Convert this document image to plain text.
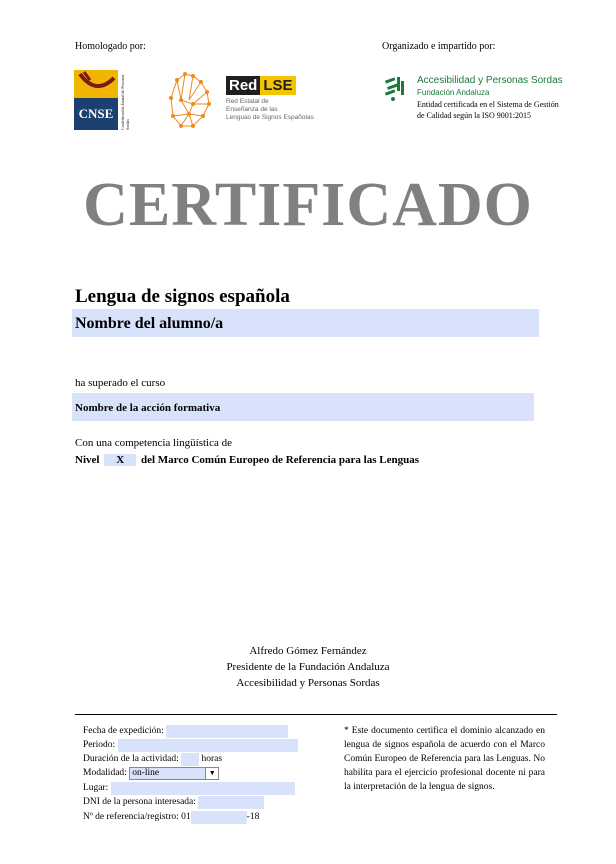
Homologado por:	Organizado e impartido por:
CNSE	Confederación Estatal de Personas Sordas
Red LSE
Red Estatal de
Enseñanza de las
Lenguas de Signos Españolas
Accesibilidad y Personas Sordas
Fundación Andaluza
Entidad certificada en el Sistema de Gestión
de Calidad según la ISO 9001:2015
CERTIFICADO
Lengua de signos española
Nombre del alumno/a
ha superado el curso
Nombre de la acción formativa
Con una competencia lingüística de
Nivel X del Marco Común Europeo de Referencia para las Lenguas
Alfredo Gómez Fernández
Presidente de la Fundación Andaluza
Accesibilidad y Personas Sordas
Fecha de expedición:
Periodo:
Duración de la actividad: horas
Modalidad: on-line	▼
Lugar:
DNI de la persona interesada:
Nº de referencia/registro: 01	-18
* Este documento certifica el dominio alcanzado en lengua de signos española de acuerdo con el Marco Común Europeo de Referencia para las Lenguas. No habilita para el ejercicio profesional docente ni para la interpretación de la lengua de signos.
